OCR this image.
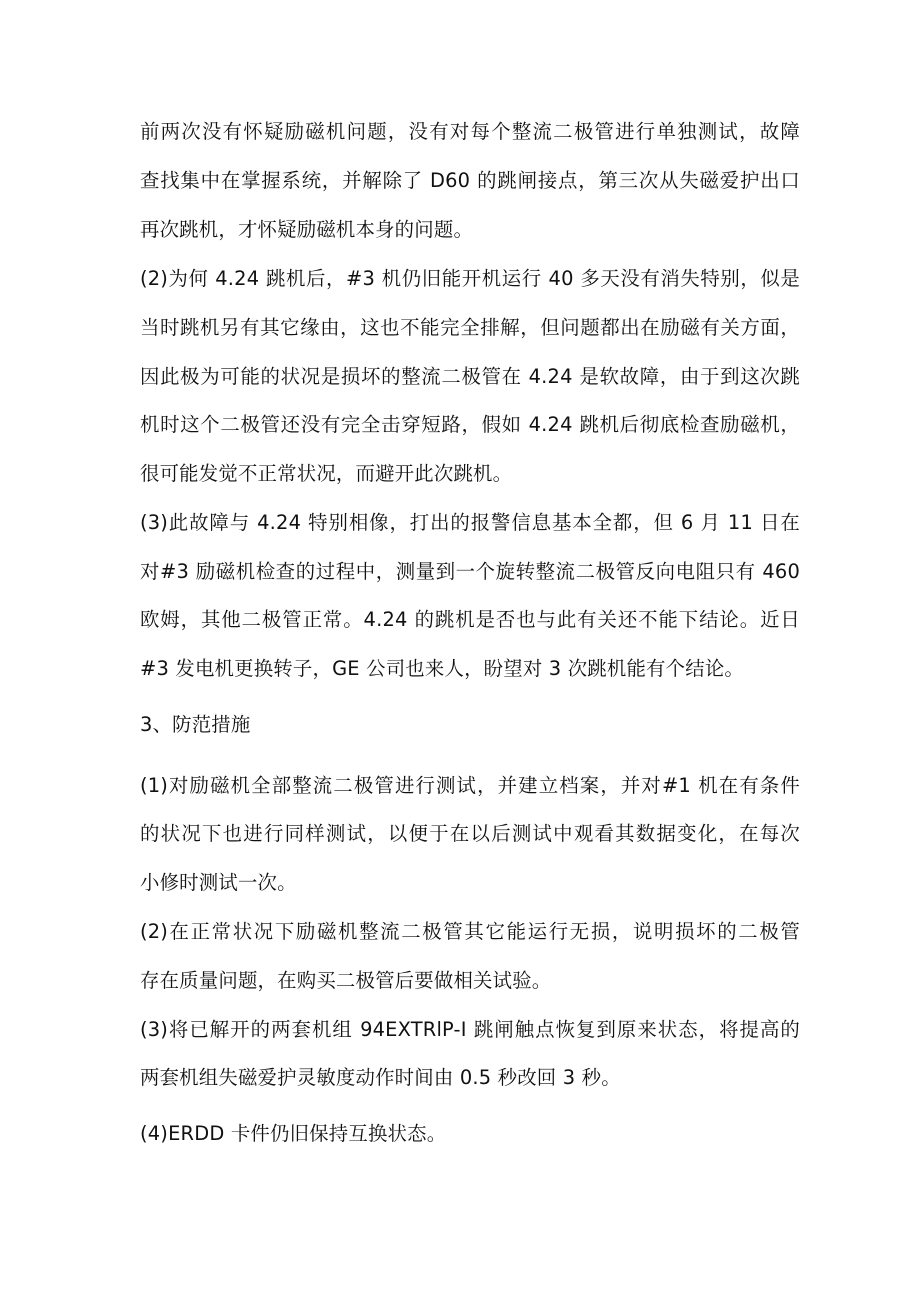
前两次没有怀疑励磁机问题，没有对每个整流二极管进行单独测试，故障
查找集中在掌握系统，并解除了 D60 的跳闸接点，第三次从失磁爱护出口
再次跳机，才怀疑励磁机本身的问题。
(2)为何 4.24 跳机后，#3 机仍旧能开机运行 40 多天没有消失特别，似是
当时跳机另有其它缘由，这也不能完全排解，但问题都出在励磁有关方面，
因此极为可能的状况是损坏的整流二极管在 4.24 是软故障，由于到这次跳
机时这个二极管还没有完全击穿短路，假如 4.24 跳机后彻底检查励磁机，
很可能发觉不正常状况，而避开此次跳机。
(3)此故障与 4.24 特别相像，打出的报警信息基本全都，但 6 月 11 日在
对#3 励磁机检查的过程中，测量到一个旋转整流二极管反向电阻只有 460
欧姆，其他二极管正常。4.24 的跳机是否也与此有关还不能下结论。近日
#3 发电机更换转子，GE 公司也来人，盼望对 3 次跳机能有个结论。
3、防范措施
(1)对励磁机全部整流二极管进行测试，并建立档案，并对#1 机在有条件
的状况下也进行同样测试，以便于在以后测试中观看其数据变化，在每次
小修时测试一次。
(2)在正常状况下励磁机整流二极管其它能运行无损，说明损坏的二极管
存在质量问题，在购买二极管后要做相关试验。
(3)将已解开的两套机组 94EXTRlP-I 跳闸触点恢复到原来状态，将提高的
两套机组失磁爱护灵敏度动作时间由 0.5 秒改回 3 秒。
(4)ERDD 卡件仍旧保持互换状态。
